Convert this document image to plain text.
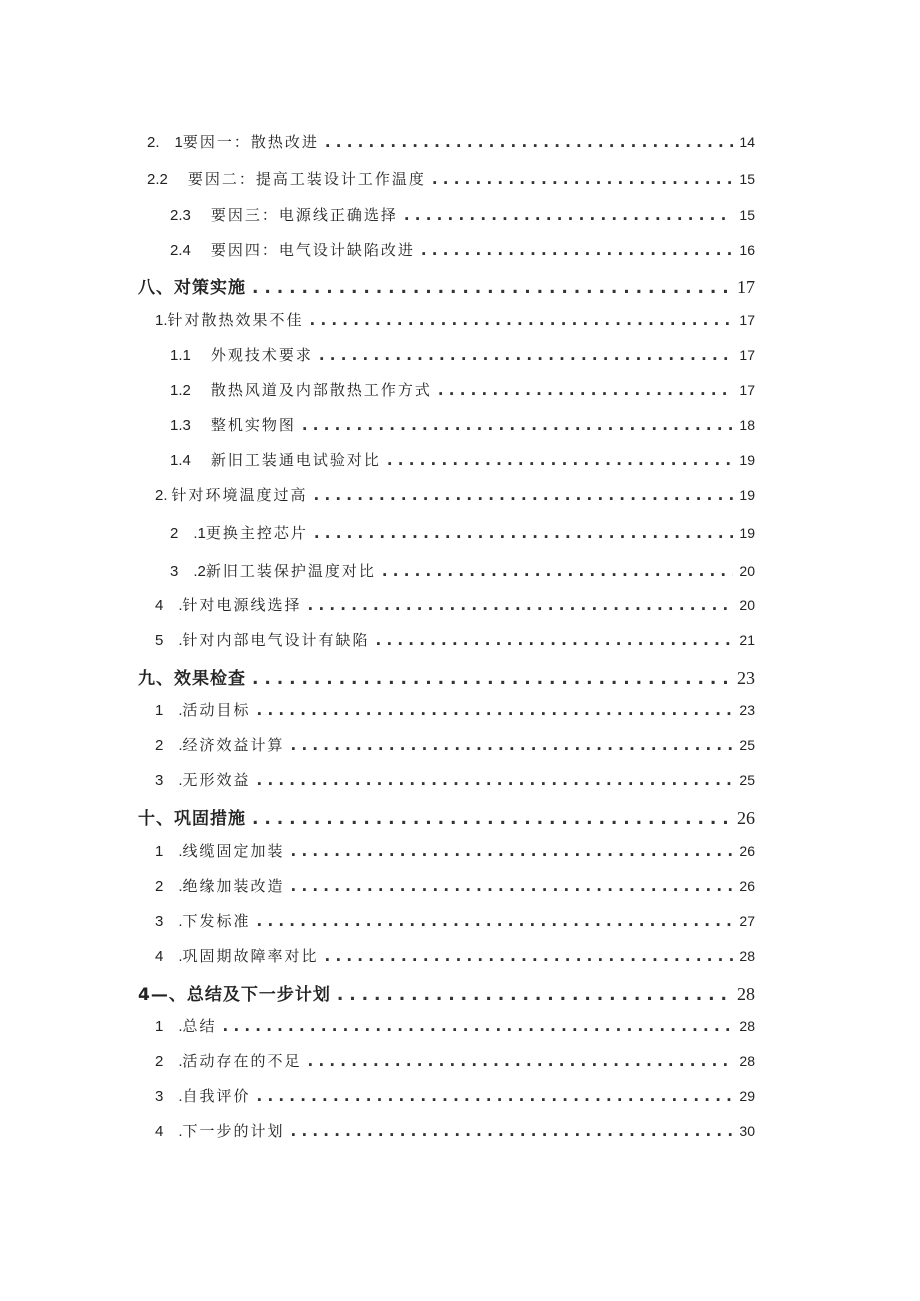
2.　1 要因一：散热改进 . . .	14
2.2 要因二：提高工装设计工作温度 . . .	15
2.3 要因三：电源线正确选择 . . .	15
2.4 要因四：电气设计缺陷改进 . . .	16
八、对策实施 . . .	17
1. 针对散热效果不佳 . . .	17
1.1 外观技术要求 . . .	17
1.2 散热风道及内部散热工作方式 . . .	17
1.3 整机实物图 . . .	18
1.4 新旧工装通电试验对比 . . .	19
2. 针对环境温度过高 . . .	19
2　.1 更换主控芯片 . . .	19
3　.2 新旧工装保护温度对比 . . .	20
4　. 针对电源线选择 . . .	20
5　. 针对内部电气设计有缺陷 . . .	21
九、效果检查 . . .	23
1　. 活动目标 . . .	23
2　. 经济效益计算 . . .	25
3　. 无形效益 . . .	25
十、巩固措施 . . .	26
1　. 线缆固定加装 . . .	26
2　. 绝缘加装改造 . . .	26
3　. 下发标准 . . .	27
4　. 巩固期故障率对比 . . .	28
4—、总结及下一步计划 . . .	28
1　. 总结 . . .	28
2　. 活动存在的不足 . . .	28
3　. 自我评价 . . .	29
4　. 下一步的计划 . . .	30
